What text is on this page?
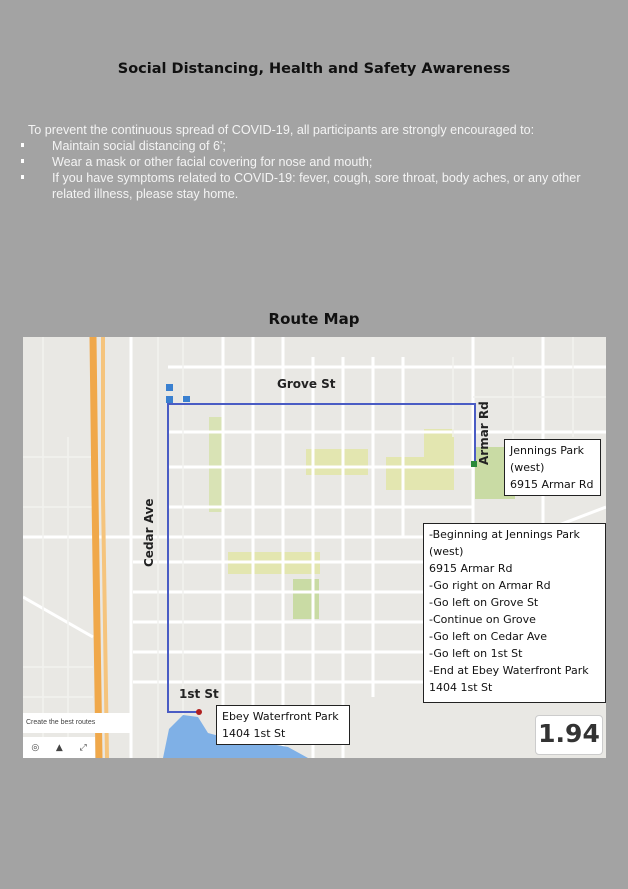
Social Distancing, Health and Safety Awareness
To prevent the continuous spread of COVID-19, all participants are strongly encouraged to:
Maintain social distancing of 6';
Wear a mask or other facial covering for nose and mouth;
If you have symptoms related to COVID-19: fever, cough, sore throat, body aches, or any other related illness, please stay home.
Route Map
Grove St
Armar Rd
Cedar Ave
1st St
Jennings Park
(west)
6915 Armar Rd
-Beginning at Jennings Park
(west)
6915 Armar Rd
-Go right on Armar Rd
-Go left on Grove St
-Continue on Grove
-Go left on Cedar Ave
-Go left on 1st St
-End at Ebey Waterfront Park
1404 1st St
Ebey Waterfront Park
1404 1st St
Create the best routes
◎ ▲ ⤢	1.94
